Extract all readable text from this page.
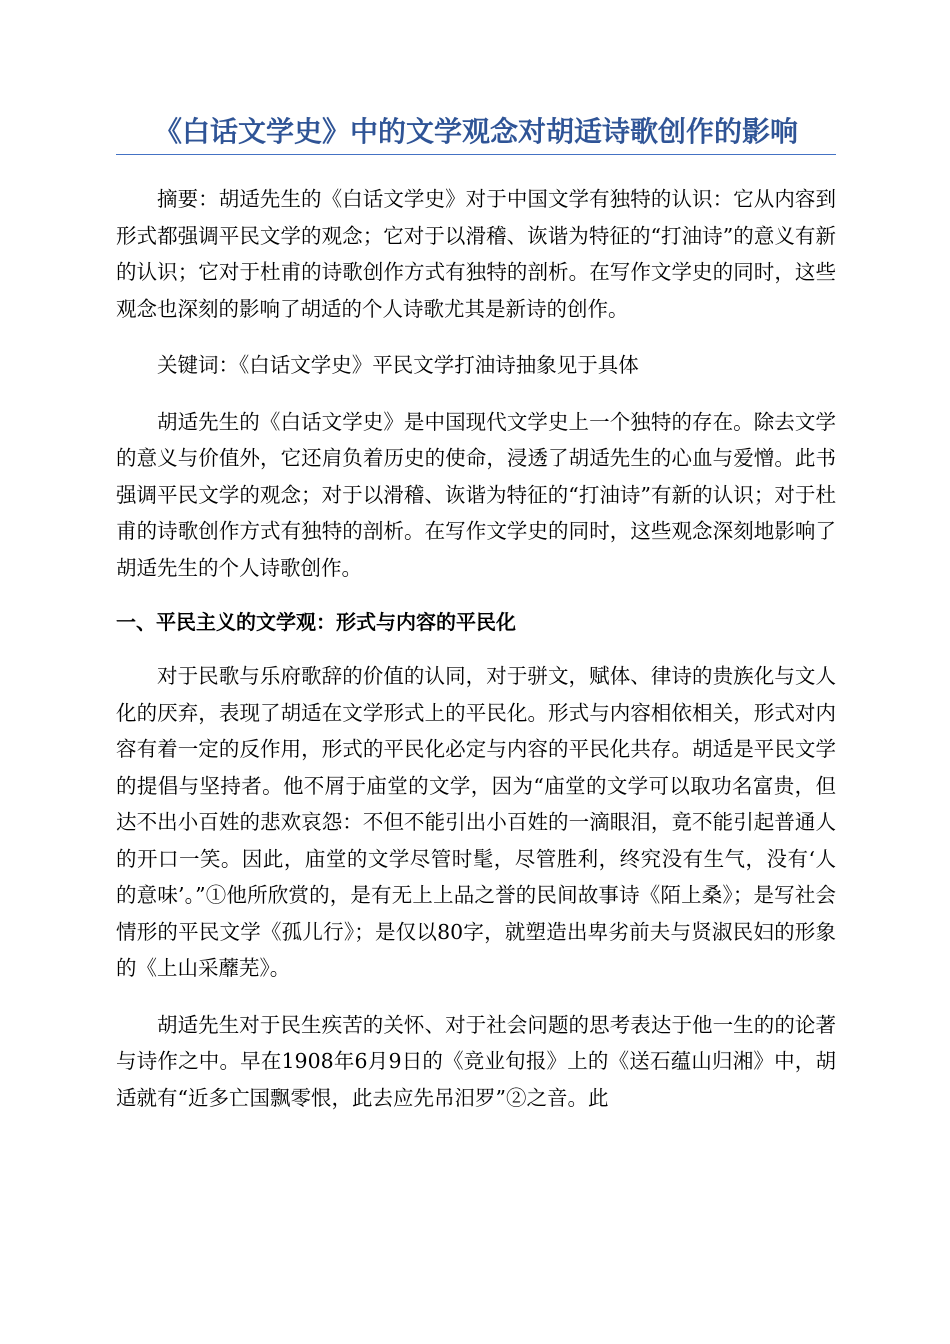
《白话文学史》中的文学观念对胡适诗歌创作的影响

摘要：胡适先生的《白话文学史》对于中国文学有独特的认识：它从内容到形式都强调平民文学的观念；它对于以滑稽、诙谐为特征的“打油诗”的意义有新的认识；它对于杜甫的诗歌创作方式有独特的剖析。在写作文学史的同时，这些观念也深刻的影响了胡适的个人诗歌尤其是新诗的创作。

关键词：《白话文学史》平民文学打油诗抽象见于具体

胡适先生的《白话文学史》是中国现代文学史上一个独特的存在。除去文学的意义与价值外，它还肩负着历史的使命，浸透了胡适先生的心血与爱憎。此书强调平民文学的观念；对于以滑稽、诙谐为特征的“打油诗”有新的认识；对于杜甫的诗歌创作方式有独特的剖析。在写作文学史的同时，这些观念深刻地影响了胡适先生的个人诗歌创作。

一、平民主义的文学观：形式与内容的平民化

对于民歌与乐府歌辞的价值的认同，对于骈文，赋体、律诗的贵族化与文人化的厌弃，表现了胡适在文学形式上的平民化。形式与内容相依相关，形式对内容有着一定的反作用，形式的平民化必定与内容的平民化共存。胡适是平民文学的提倡与坚持者。他不屑于庙堂的文学，因为“庙堂的文学可以取功名富贵，但达不出小百姓的悲欢哀怨：不但不能引出小百姓的一滴眼泪，竟不能引起普通人的开口一笑。因此，庙堂的文学尽管时髦，尽管胜利，终究没有生气，没有‘人的意味’。”①他所欣赏的，是有无上上品之誉的民间故事诗《陌上桑》；是写社会情形的平民文学《孤儿行》；是仅以80字，就塑造出卑劣前夫与贤淑民妇的形象的《上山采蘼芜》。

胡适先生对于民生疾苦的关怀、对于社会问题的思考表达于他一生的的论著与诗作之中。早在1908年6月9日的《竞业旬报》上的《送石蕴山归湘》中，胡适就有“近多亡国飘零恨，此去应先吊汨罗”②之音。此
